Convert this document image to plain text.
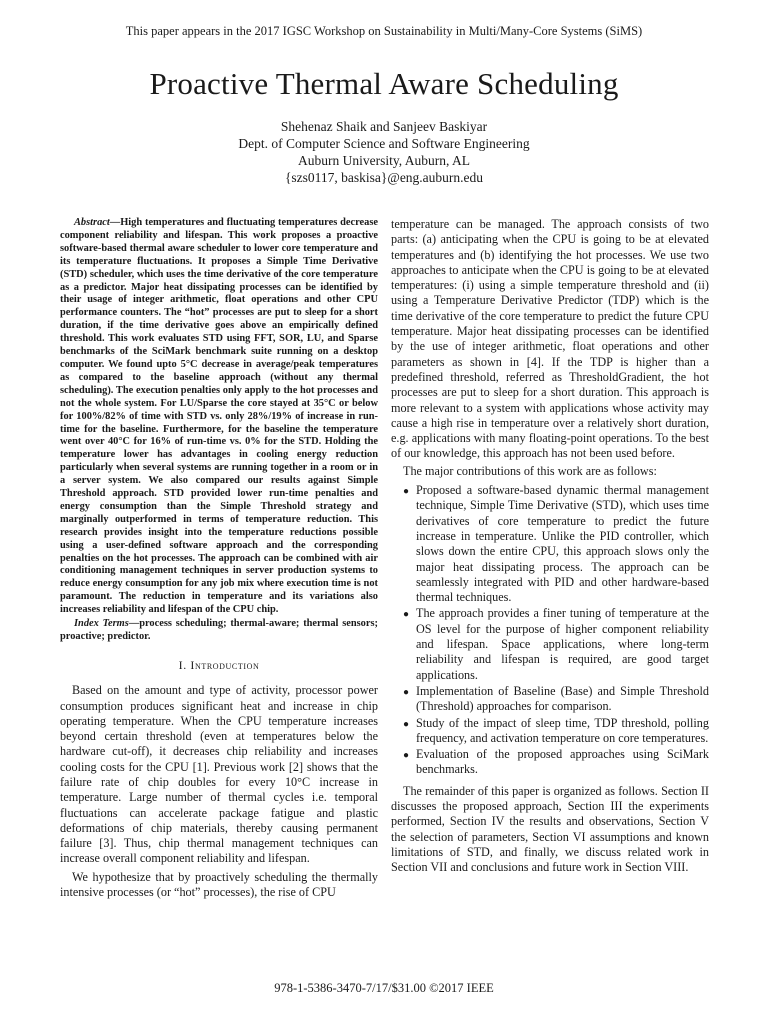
This paper appears in the 2017 IGSC Workshop on Sustainability in Multi/Many-Core Systems (SiMS)
Proactive Thermal Aware Scheduling
Shehenaz Shaik and Sanjeev Baskiyar
Dept. of Computer Science and Software Engineering
Auburn University, Auburn, AL
{szs0117, baskisa}@eng.auburn.edu

Abstract—High temperatures and fluctuating temperatures decrease component reliability and lifespan. This work proposes a proactive software-based thermal aware scheduler to lower core temperature and its temperature fluctuations. It proposes a Simple Time Derivative (STD) scheduler, which uses the time derivative of the core temperature as a predictor. Major heat dissipating processes can be identified by their usage of integer arithmetic, float operations and other CPU performance counters. The “hot” processes are put to sleep for a short duration, if the time derivative goes above an empirically defined threshold. This work evaluates STD using FFT, SOR, LU, and Sparse benchmarks of the SciMark benchmark suite running on a desktop computer. We found upto 5°C decrease in average/peak temperatures as compared to the baseline approach (without any thermal scheduling). The execution penalties only apply to the hot processes and not the whole system. For LU/Sparse the core stayed at 35°C or below for 100%/82% of time with STD vs. only 28%/19% of increase in run-time for the baseline. Furthermore, for the baseline the temperature went over 40°C for 16% of run-time vs. 0% for the STD. Holding the temperature lower has advantages in cooling energy reduction particularly when several systems are running together in a room or in a server system. We also compared our results against Simple Threshold approach. STD provided lower run-time penalties and energy consumption than the Simple Threshold strategy and marginally outperformed in terms of temperature reduction. This research provides insight into the temperature reductions possible using a user-defined software approach and the corresponding penalties on the hot processes. The approach can be combined with air conditioning management techniques in server production systems to reduce energy consumption for any job mix where execution time is not paramount. The reduction in temperature and its variations also increases reliability and lifespan of the CPU chip.

Index Terms—process scheduling; thermal-aware; thermal sensors; proactive; predictor.

I. Introduction

Based on the amount and type of activity, processor power consumption produces significant heat and increase in chip operating temperature. When the CPU temperature increases beyond certain threshold (even at temperatures below the hardware cut-off), it decreases chip reliability and increases cooling costs for the CPU [1]. Previous work [2] shows that the failure rate of chip doubles for every 10°C increase in temperature. Large number of thermal cycles i.e. temporal fluctuations can accelerate package fatigue and plastic deformations of chip materials, thereby causing permanent failure [3]. Thus, chip thermal management techniques can increase overall component reliability and lifespan.

We hypothesize that by proactively scheduling the thermally intensive processes (or “hot” processes), the rise of CPU

temperature can be managed. The approach consists of two parts: (a) anticipating when the CPU is going to be at elevated temperatures and (b) identifying the hot processes. We use two approaches to anticipate when the CPU is going to be at elevated temperatures: (i) using a simple temperature threshold and (ii) using a Temperature Derivative Predictor (TDP) which is the time derivative of the core temperature to predict the future CPU temperature. Major heat dissipating processes can be identified by the use of integer arithmetic, float operations and other parameters as shown in [4]. If the TDP is higher than a predefined threshold, referred as ThresholdGradient, the hot processes are put to sleep for a short duration. This approach is more relevant to a system with applications whose activity may cause a high rise in temperature over a relatively short duration, e.g. applications with many floating-point operations. To the best of our knowledge, this approach has not been used before.

The major contributions of this work are as follows:

● Proposed a software-based dynamic thermal management technique, Simple Time Derivative (STD), which uses time derivatives of core temperature to predict the future increase in temperature. Unlike the PID controller, which slows down the entire CPU, this approach slows only the major heat dissipating process. The approach can be seamlessly integrated with PID and other hardware-based thermal techniques.
● The approach provides a finer tuning of temperature at the OS level for the purpose of higher component reliability and lifespan. Space applications, where long-term reliability and lifespan is required, are good target applications.
● Implementation of Baseline (Base) and Simple Threshold (Threshold) approaches for comparison.
● Study of the impact of sleep time, TDP threshold, polling frequency, and activation temperature on core temperatures.
● Evaluation of the proposed approaches using SciMark benchmarks.

The remainder of this paper is organized as follows. Section II discusses the proposed approach, Section III the experiments performed, Section IV the results and observations, Section V the selection of parameters, Section VI assumptions and known limitations of STD, and finally, we discuss related work in Section VII and conclusions and future work in Section VIII.

978-1-5386-3470-7/17/$31.00 ©2017 IEEE
